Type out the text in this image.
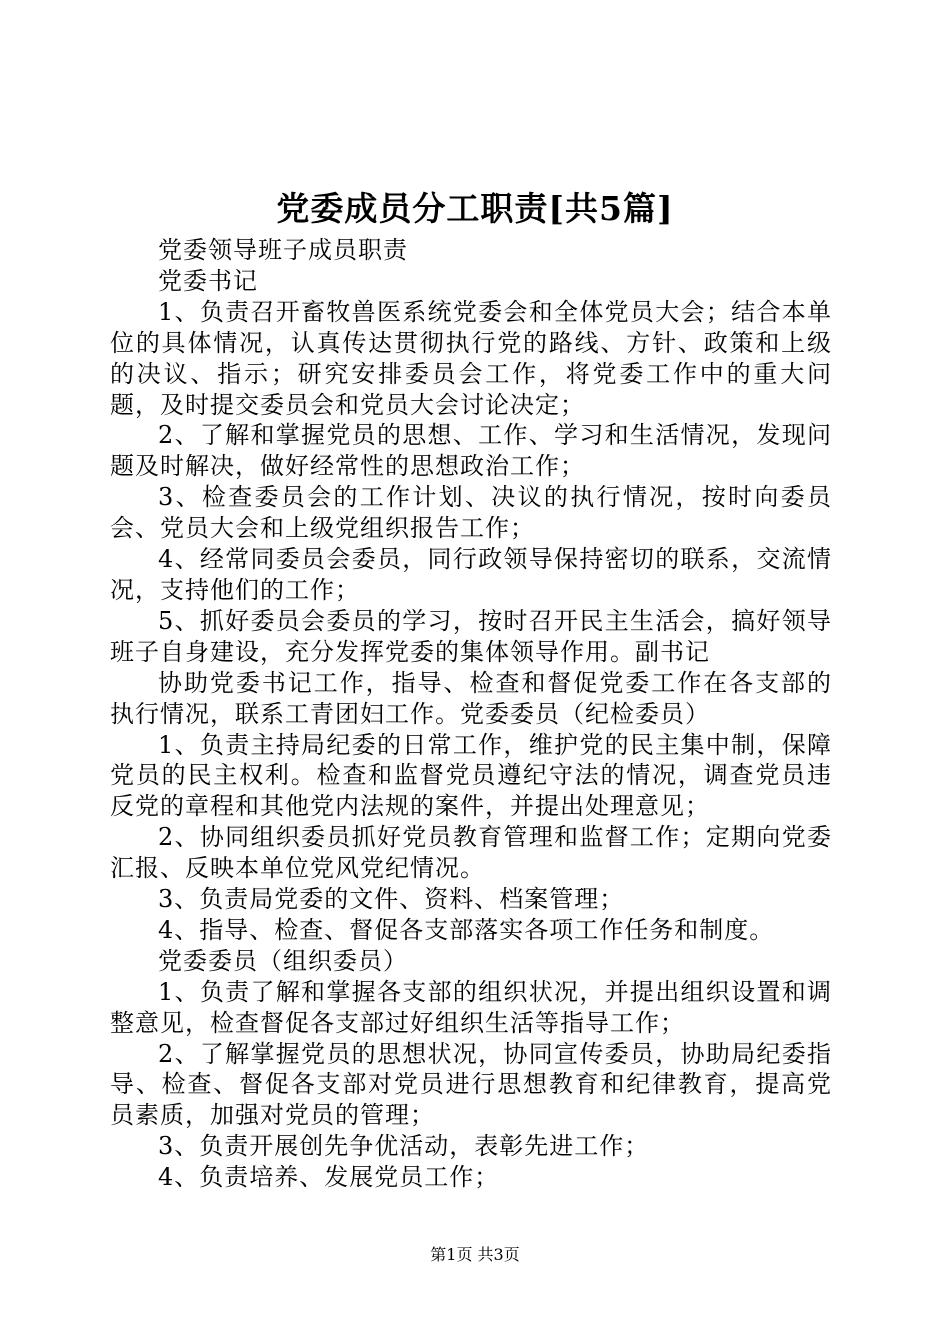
党委成员分工职责[共5篇]

党委领导班子成员职责

党委书记

1、负责召开畜牧兽医系统党委会和全体党员大会；结合本单位的具体情况，认真传达贯彻执行党的路线、方针、政策和上级的决议、指示；研究安排委员会工作，将党委工作中的重大问题，及时提交委员会和党员大会讨论决定；

2、了解和掌握党员的思想、工作、学习和生活情况，发现问题及时解决，做好经常性的思想政治工作；

3、检查委员会的工作计划、决议的执行情况，按时向委员会、党员大会和上级党组织报告工作；

4、经常同委员会委员，同行政领导保持密切的联系，交流情况，支持他们的工作；

5、抓好委员会委员的学习，按时召开民主生活会，搞好领导班子自身建设，充分发挥党委的集体领导作用。副书记

协助党委书记工作，指导、检查和督促党委工作在各支部的执行情况，联系工青团妇工作。党委委员（纪检委员）

1、负责主持局纪委的日常工作，维护党的民主集中制，保障党员的民主权利。检查和监督党员遵纪守法的情况，调查党员违反党的章程和其他党内法规的案件，并提出处理意见；

2、协同组织委员抓好党员教育管理和监督工作；定期向党委汇报、反映本单位党风党纪情况。

3、负责局党委的文件、资料、档案管理；

4、指导、检查、督促各支部落实各项工作任务和制度。

党委委员（组织委员）

1、负责了解和掌握各支部的组织状况，并提出组织设置和调整意见，检查督促各支部过好组织生活等指导工作；

2、了解掌握党员的思想状况，协同宣传委员，协助局纪委指导、检查、督促各支部对党员进行思想教育和纪律教育，提高党员素质，加强对党员的管理；

3、负责开展创先争优活动，表彰先进工作；

4、负责培养、发展党员工作；

第1页 共3页
